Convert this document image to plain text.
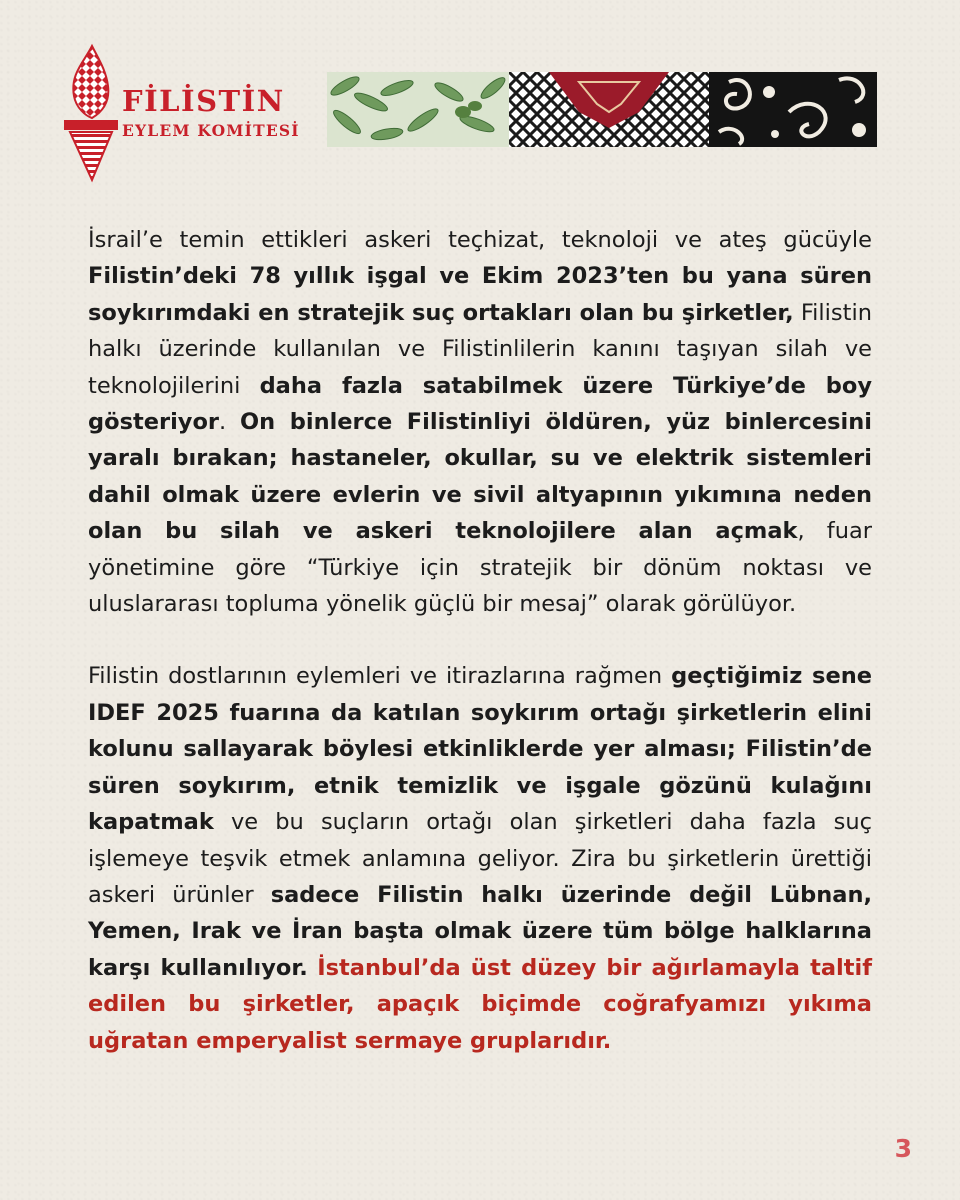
FİLİSTİN
EYLEM KOMİTESİ

İsrail’e temin ettikleri askeri teçhizat, teknoloji ve ateş gücüyle Filistin’deki 78 yıllık işgal ve Ekim 2023’ten bu yana süren soykırımdaki en stratejik suç ortakları olan bu şirketler, Filistin halkı üzerinde kullanılan ve Filistinlilerin kanını taşıyan silah ve teknolojilerini daha fazla satabilmek üzere Türkiye’de boy gösteriyor. On binlerce Filistinliyi öldüren, yüz binlercesini yaralı bırakan; hastaneler, okullar, su ve elektrik sistemleri dahil olmak üzere evlerin ve sivil altyapının yıkımına neden olan bu silah ve askeri teknolojilere alan açmak, fuar yönetimine göre “Türkiye için stratejik bir dönüm noktası ve uluslararası topluma yönelik güçlü bir mesaj” olarak görülüyor.

Filistin dostlarının eylemleri ve itirazlarına rağmen geçtiğimiz sene IDEF 2025 fuarına da katılan soykırım ortağı şirketlerin elini kolunu sallayarak böylesi etkinliklerde yer alması; Filistin’de süren soykırım, etnik temizlik ve işgale gözünü kulağını kapatmak ve bu suçların ortağı olan şirketleri daha fazla suç işlemeye teşvik etmek anlamına geliyor. Zira bu şirketlerin ürettiği askeri ürünler sadece Filistin halkı üzerinde değil Lübnan, Yemen, Irak ve İran başta olmak üzere tüm bölge halklarına karşı kullanılıyor. İstanbul’da üst düzey bir ağırlamayla taltif edilen bu şirketler, apaçık biçimde coğrafyamızı yıkıma uğratan emperyalist sermaye gruplarıdır.

3
